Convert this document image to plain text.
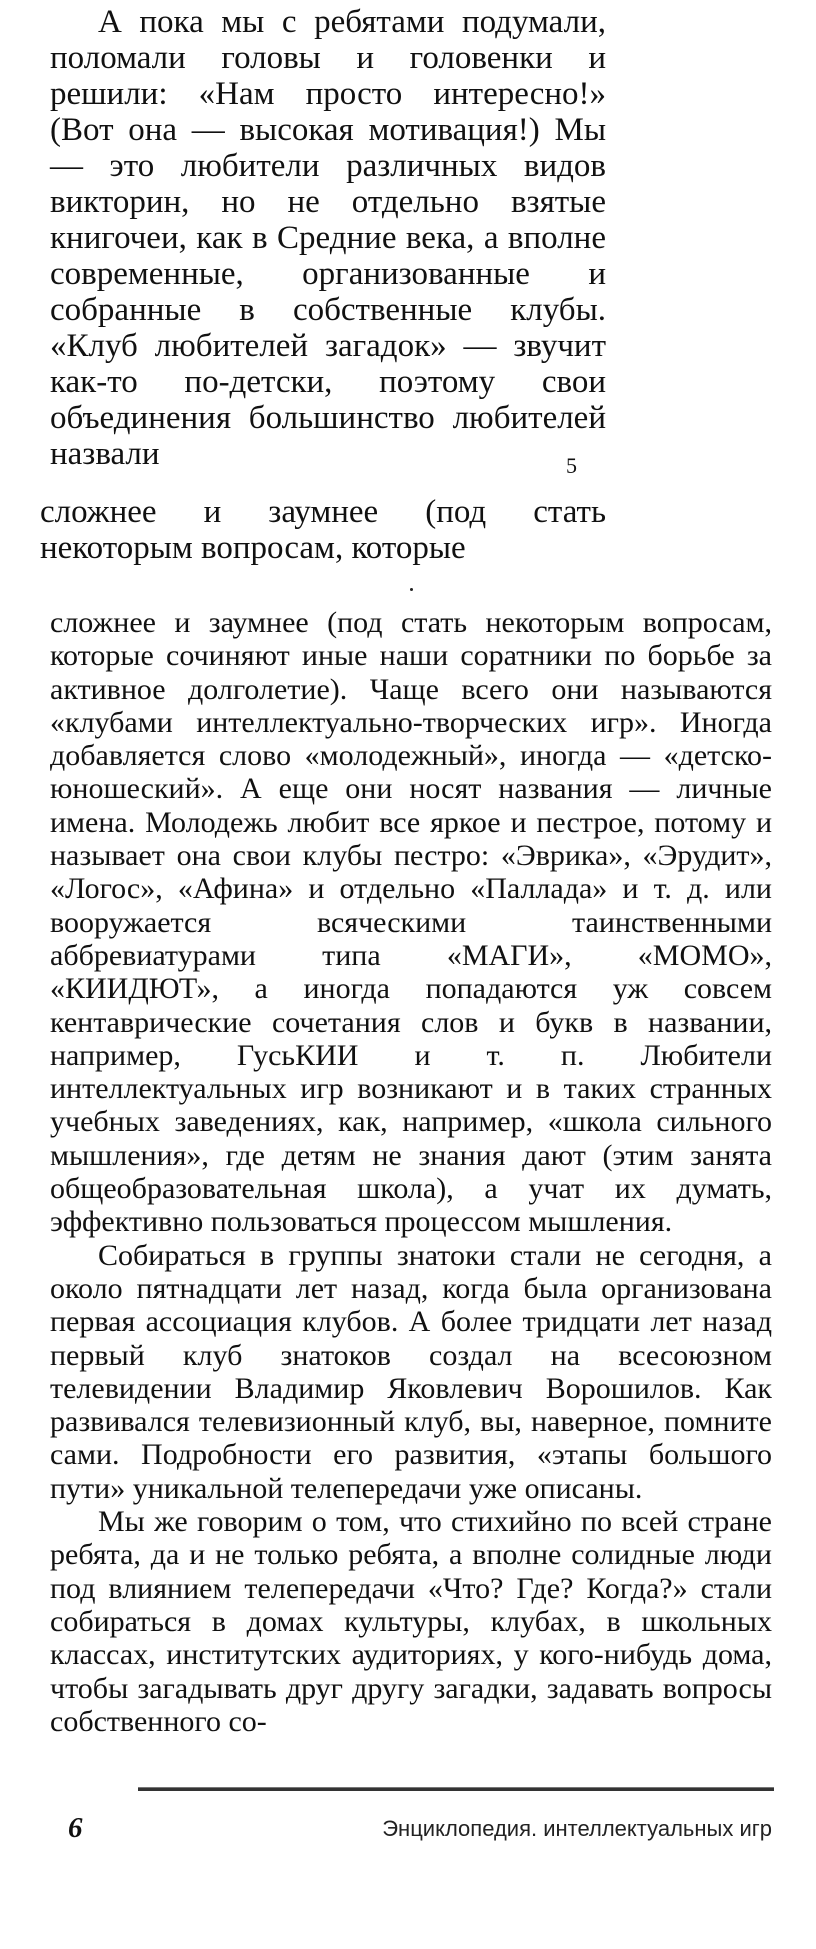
А пока мы с ребятами подумали, поломали головы и головенки и решили: «Нам просто интересно!» (Вот она — высокая мотивация!) Мы — это любители различных видов викторин, но не отдельно взятые книгочеи, как в Средние века, а вполне современные, организованные и собранные в собственные клубы. «Клуб любителей загадок» — звучит как-то по-детски, поэтому свои объединения большинство любителей назвали	5

сложнее и заумнее (под стать некоторым вопросам, которые

сложнее и заумнее (под стать некоторым вопросам, которые сочиняют иные наши соратники по борьбе за активное долголетие). Чаще всего они называются «клубами интеллектуально-творческих игр». Иногда добавляется слово «молодежный», иногда — «детско-юношеский». А еще они носят названия — личные имена. Молодежь любит все яркое и пестрое, потому и называет она свои клубы пестро: «Эврика», «Эрудит», «Логос», «Афина» и отдельно «Паллада» и т. д. или вооружается всяческими таинственными аббревиатурами типа «МАГИ», «МОМО», «КИИДЮТ», а иногда попадаются уж совсем кентаврические сочетания слов и букв в названии, например, ГусьКИИ и т. п. Любители интеллектуальных игр возникают и в таких странных учебных заведениях, как, например, «школа сильного мышления», где детям не знания дают (этим занята общеобразовательная школа), а учат их думать, эффективно пользоваться процессом мышления.

Собираться в группы знатоки стали не сегодня, а около пятнадцати лет назад, когда была организована первая ассоциация клубов. А более тридцати лет назад первый клуб знатоков создал на всесоюзном телевидении Владимир Яковлевич Ворошилов. Как развивался телевизионный клуб, вы, наверное, помните сами. Подробности его развития, «этапы большого пути» уникальной телепередачи уже описаны.

Мы же говорим о том, что стихийно по всей стране ребята, да и не только ребята, а вполне солидные люди под влиянием телепередачи «Что? Где? Когда?» стали собираться в домах культуры, клубах, в школьных классах, институтских аудиториях, у кого-нибудь дома, чтобы загадывать друг другу загадки, задавать вопросы собственного со-

6	Энциклопедия. интеллектуальных игр
